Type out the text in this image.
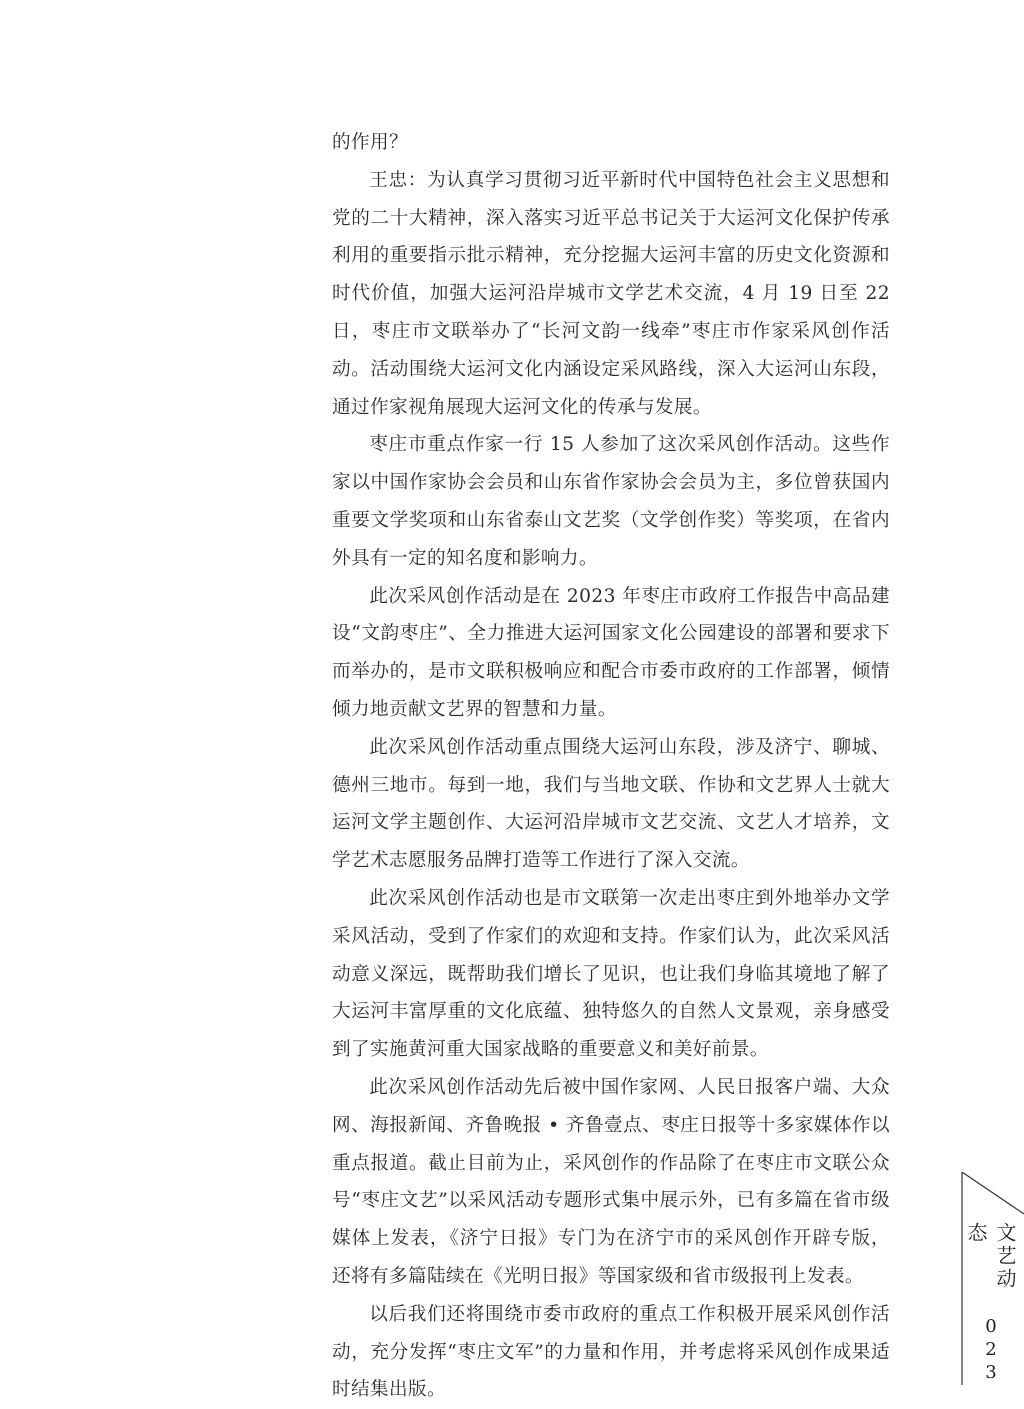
的作用？

王忠：为认真学习贯彻习近平新时代中国特色社会主义思想和党的二十大精神，深入落实习近平总书记关于大运河文化保护传承利用的重要指示批示精神，充分挖掘大运河丰富的历史文化资源和时代价值，加强大运河沿岸城市文学艺术交流，4 月 19 日至 22 日，枣庄市文联举办了“长河文韵一线牵”枣庄市作家采风创作活动。活动围绕大运河文化内涵设定采风路线，深入大运河山东段，通过作家视角展现大运河文化的传承与发展。

枣庄市重点作家一行 15 人参加了这次采风创作活动。这些作家以中国作家协会会员和山东省作家协会会员为主，多位曾获国内重要文学奖项和山东省泰山文艺奖（文学创作奖）等奖项，在省内外具有一定的知名度和影响力。

此次采风创作活动是在 2023 年枣庄市政府工作报告中高品建设“文韵枣庄”、全力推进大运河国家文化公园建设的部署和要求下而举办的，是市文联积极响应和配合市委市政府的工作部署，倾情倾力地贡献文艺界的智慧和力量。

此次采风创作活动重点围绕大运河山东段，涉及济宁、聊城、德州三地市。每到一地，我们与当地文联、作协和文艺界人士就大运河文学主题创作、大运河沿岸城市文艺交流、文艺人才培养，文学艺术志愿服务品牌打造等工作进行了深入交流。

此次采风创作活动也是市文联第一次走出枣庄到外地举办文学采风活动，受到了作家们的欢迎和支持。作家们认为，此次采风活动意义深远，既帮助我们增长了见识，也让我们身临其境地了解了大运河丰富厚重的文化底蕴、独特悠久的自然人文景观，亲身感受到了实施黄河重大国家战略的重要意义和美好前景。

此次采风创作活动先后被中国作家网、人民日报客户端、大众网、海报新闻、齐鲁晚报 • 齐鲁壹点、枣庄日报等十多家媒体作以重点报道。截止目前为止，采风创作的作品除了在枣庄市文联公众号“枣庄文艺”以采风活动专题形式集中展示外，已有多篇在省市级媒体上发表，《济宁日报》专门为在济宁市的采风创作开辟专版，还将有多篇陆续在《光明日报》等国家级和省市级报刊上发表。

以后我们还将围绕市委市政府的重点工作积极开展采风创作活动，充分发挥“枣庄文军”的力量和作用，并考虑将采风创作成果适时结集出版。

文艺动态
023
